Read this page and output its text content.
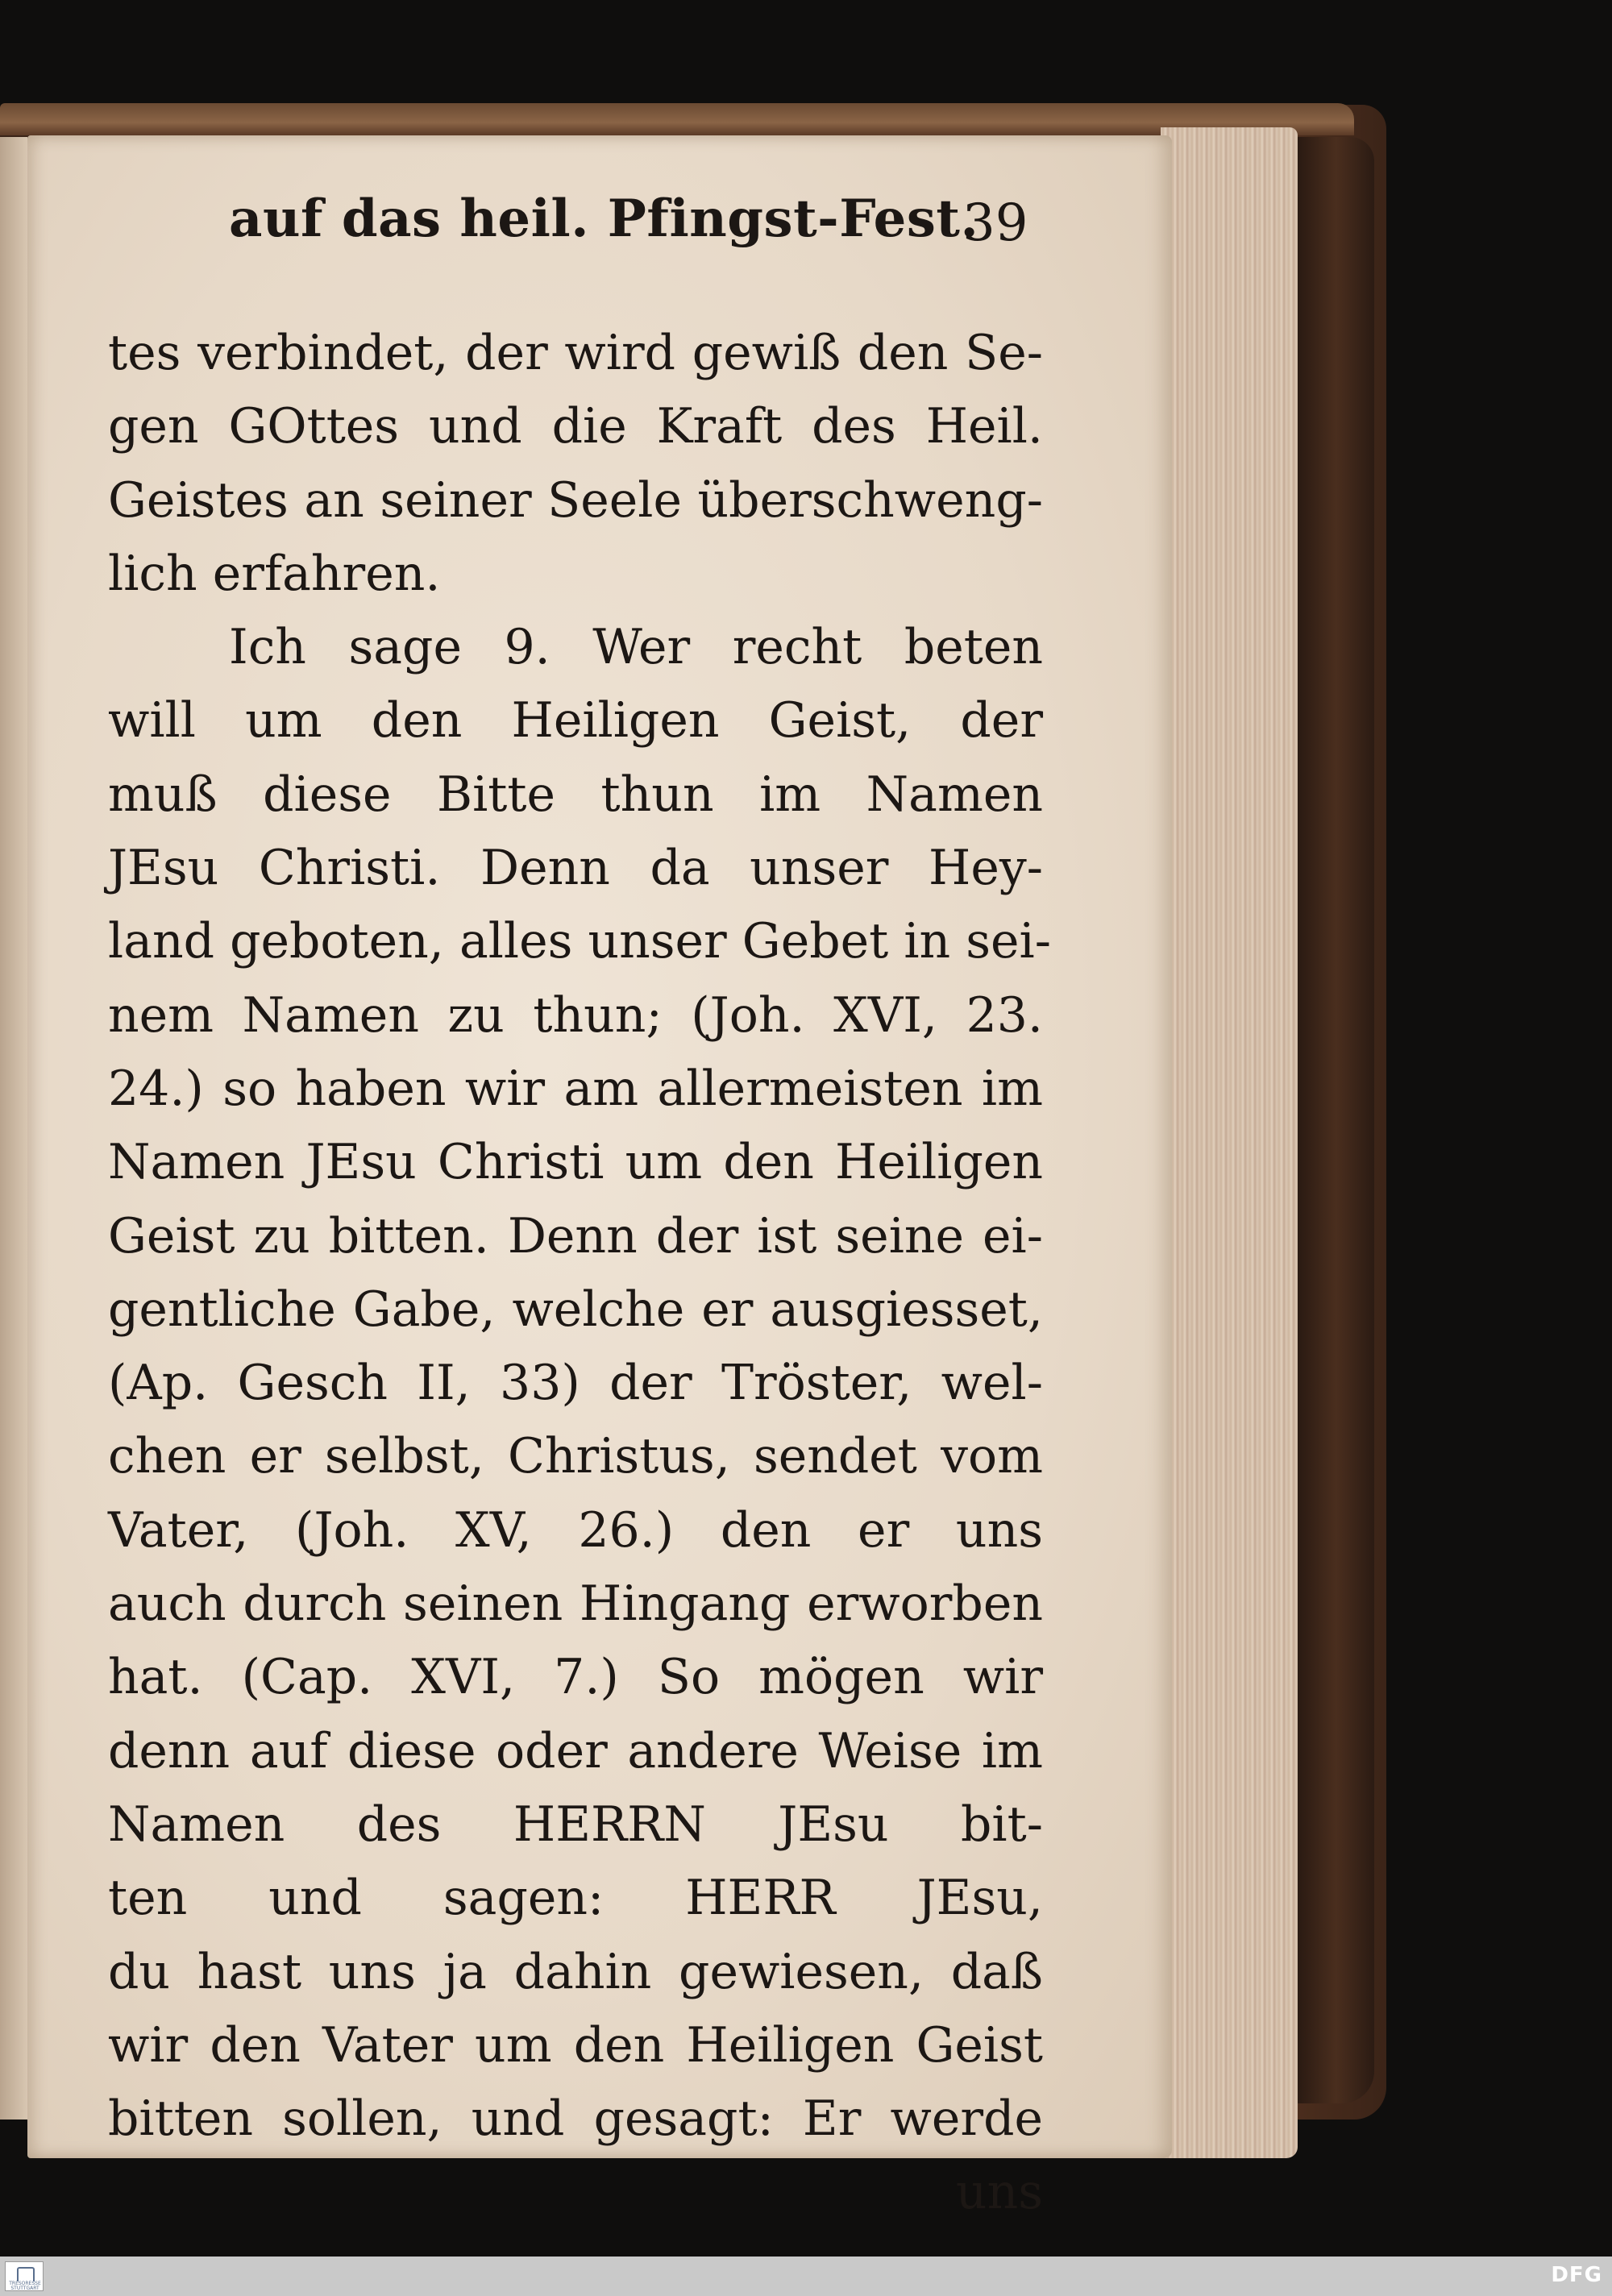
auf das heil. Pfingst-Fest.
39
tes verbindet, der wird gewiß den Se-
gen GOttes und die Kraft des Heil.
Geistes an seiner Seele überschweng-
lich erfahren.
Ich sage 9. Wer recht beten
will um den Heiligen Geist, der
muß diese Bitte thun im Namen
JEsu Christi. Denn da unser Hey-
land geboten, alles unser Gebet in sei-
nem Namen zu thun; (Joh. XVI, 23.
24.) so haben wir am allermeisten im
Namen JEsu Christi um den Heiligen
Geist zu bitten. Denn der ist seine ei-
gentliche Gabe, welche er ausgiesset,
(Ap. Gesch II, 33) der Tröster, wel-
chen er selbst, Christus, sendet vom
Vater, (Joh. XV, 26.) den er uns
auch durch seinen Hingang erworben
hat. (Cap. XVI, 7.) So mögen wir
denn auf diese oder andere Weise im
Namen des HERRN JEsu bit-
ten und sagen: HERR JEsu,
du hast uns ja dahin gewiesen, daß
wir den Vater um den Heiligen Geist
bitten sollen, und gesagt: Er werde
uns
TRESORESSE STUTTGART
DFG
